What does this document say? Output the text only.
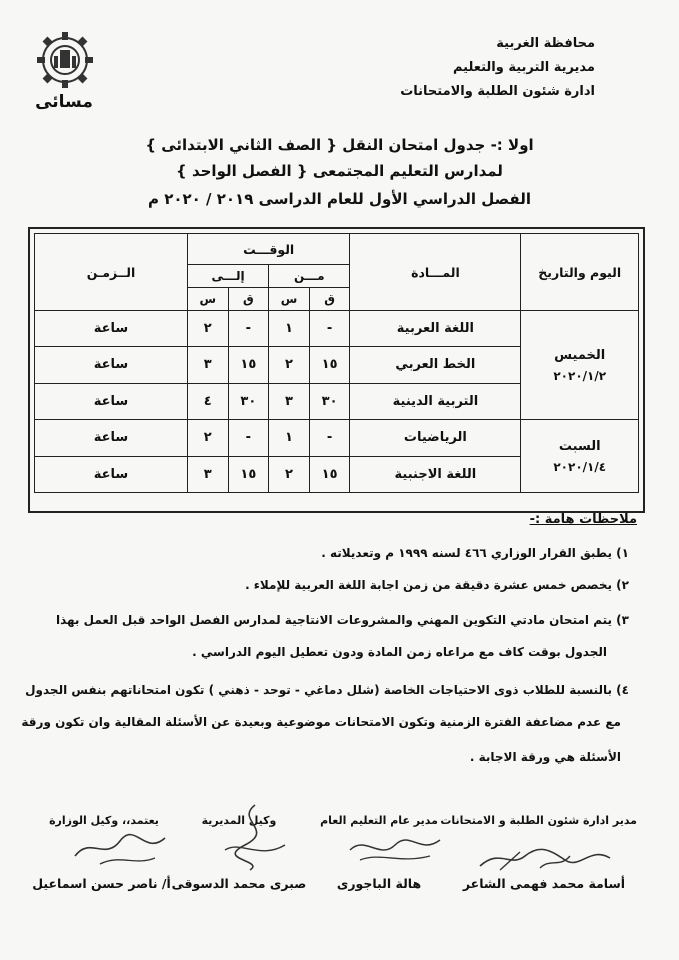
محافظة الغربية
مديرية التربية والتعليم
ادارة شئون الطلبة والامتحانات
مسائى
اولا :- جدول امتحان النقل { الصف الثاني الابتدائى }
لمدارس التعليم المجتمعى { الفصل الواحد }
الفصل الدراسي الأول للعام الدراسى ٢٠١٩ / ٢٠٢٠ م
اليوم والتاريخ	المـــادة	الوقـــت				الــزمـن
		مـــن		إلـــى		
		ق	س	ق	س	

الخميس
٢٠٢٠/١/٢	اللغة العربية	-	١	-	٢	ساعة
	الخط العربي	١٥	٢	١٥	٣	ساعة
	التربية الدينية	٣٠	٣	٣٠	٤	ساعة

السبت
٢٠٢٠/١/٤	الرياضيات	-	١	-	٢	ساعة
	اللغة الاجنبية	١٥	٢	١٥	٣	ساعة
ملاحظات هامة :-
١) يطبق القرار الوزاري ٤٦٦ لسنه ١٩٩٩ م وتعديلاته .
٢) يخصص خمس عشرة دقيقة من زمن اجابة اللغة العربية للإملاء .
٣) يتم امتحان مادتي التكوين المهني والمشروعات الانتاجية لمدارس الفصل الواحد قبل العمل بهذا
الجدول بوقت كاف مع مراعاه زمن المادة ودون تعطيل اليوم الدراسي .
٤) بالنسبة للطلاب ذوى الاحتياجات الخاصة (شلل دماغي - توحد - ذهني ) تكون امتحاناتهم بنفس الجدول
مع عدم مضاعفة الفترة الزمنية وتكون الامتحانات موضوعية وبعيدة عن الأسئلة المقالية وان تكون ورقة
الأسئلة هي ورقة الاجابة .
مدير ادارة شئون الطلبة و الامتحانات
مدير عام التعليم العام
وكيل المديرية
يعتمد،، وكيل الوزارة
أسامة محمد فهمى الشاعر
هالة الباجورى
صبرى محمد الدسوقى
أ/ ناصر حسن اسماعيل
